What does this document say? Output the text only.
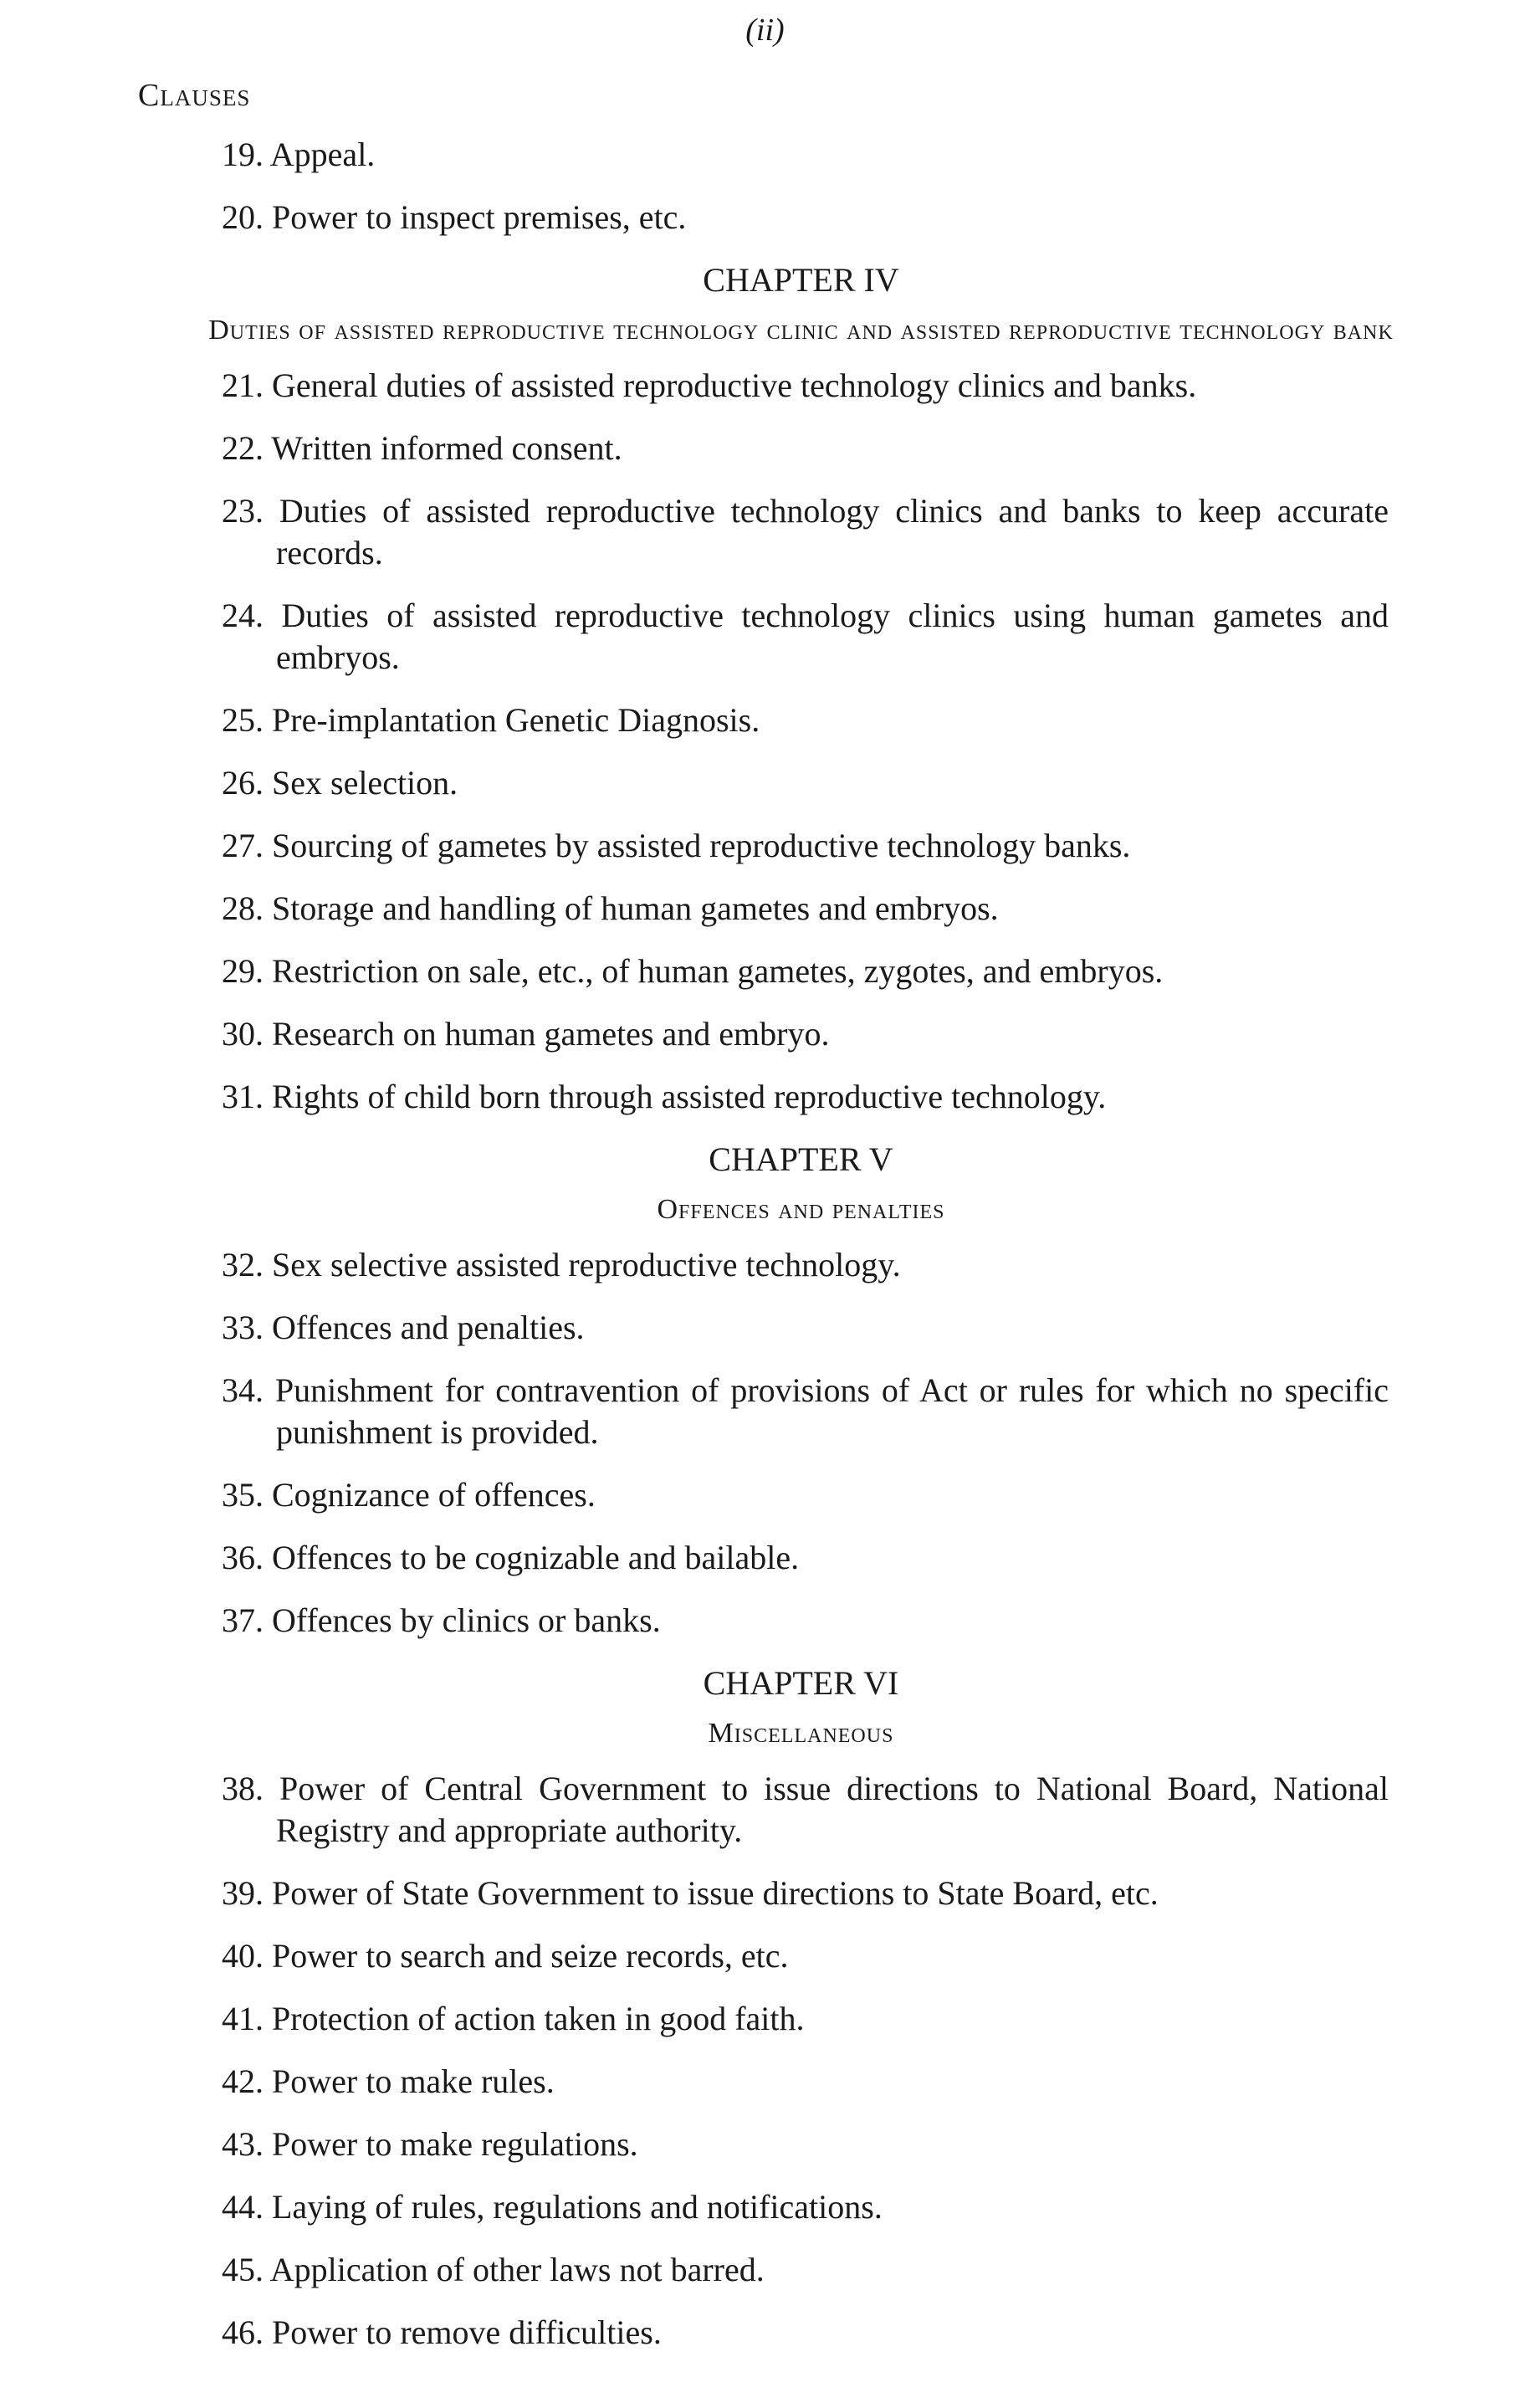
(ii)
Clauses
19. Appeal.
20. Power to inspect premises, etc.
CHAPTER IV
Duties of assisted reproductive technology clinic and assisted reproductive technology bank
21. General duties of assisted reproductive technology clinics and banks.
22. Written informed consent.
23. Duties of assisted reproductive technology clinics and banks to keep accurate records.
24. Duties of assisted reproductive technology clinics using human gametes and embryos.
25. Pre-implantation Genetic Diagnosis.
26. Sex selection.
27. Sourcing of gametes by assisted reproductive technology banks.
28. Storage and handling of human gametes and embryos.
29. Restriction on sale, etc., of human gametes, zygotes, and embryos.
30. Research on human gametes and embryo.
31. Rights of child born through assisted reproductive technology.
CHAPTER V
Offences and penalties
32. Sex selective assisted reproductive technology.
33. Offences and penalties.
34. Punishment for contravention of provisions of Act or rules for which no specific punishment is provided.
35. Cognizance of offences.
36. Offences to be cognizable and bailable.
37. Offences by clinics or banks.
CHAPTER VI
Miscellaneous
38. Power of Central Government to issue directions to National Board, National Registry and appropriate authority.
39. Power of State Government to issue directions to State Board, etc.
40. Power to search and seize records, etc.
41. Protection of action taken in good faith.
42. Power to make rules.
43. Power to make regulations.
44. Laying of rules, regulations and notifications.
45. Application of other laws not barred.
46. Power to remove difficulties.
